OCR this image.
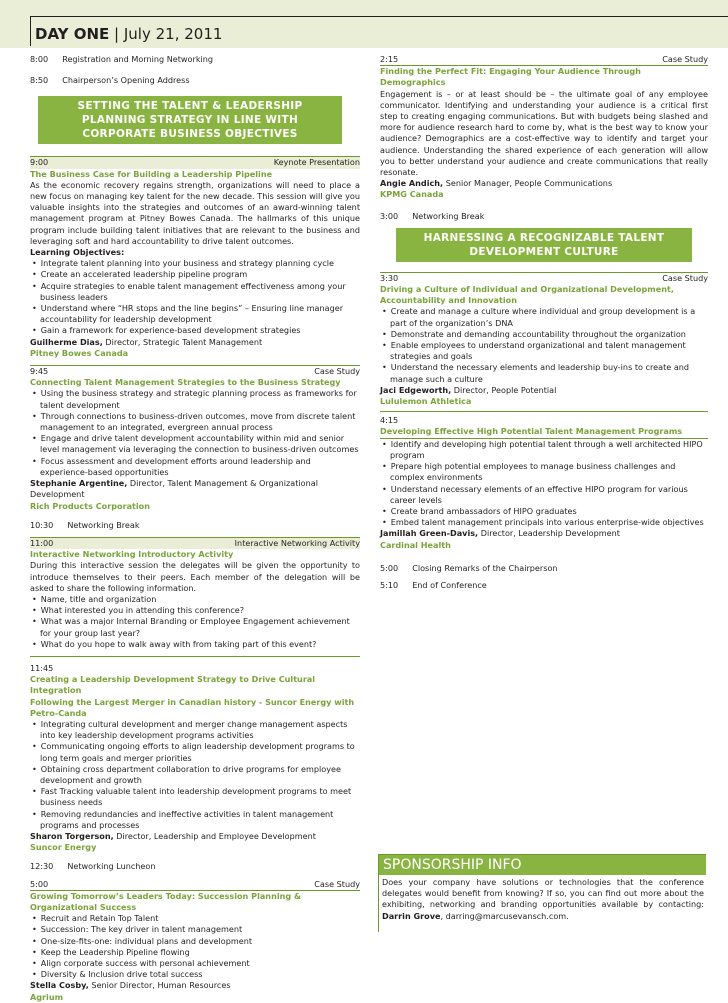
DAY ONE | July 21, 2011
8:00 Registration and Morning Networking
8:50 Chairperson’s Opening Address
SETTING THE TALENT & LEADERSHIP PLANNING STRATEGY IN LINE WITH CORPORATE BUSINESS OBJECTIVES
9:00	Keynote Presentation
The Business Case for Building a Leadership Pipeline
As the economic recovery regains strength, organizations will need to place a new focus on managing key talent for the new decade. This session will give you valuable insights into the strategies and outcomes of an award-winning talent management program at Pitney Bowes Canada. The hallmarks of this unique program include building talent initiatives that are relevant to the business and leveraging soft and hard accountability to drive talent outcomes.
Learning Objectives:
• Integrate talent planning into your business and strategy planning cycle
• Create an accelerated leadership pipeline program
• Acquire strategies to enable talent management effectiveness among your business leaders
• Understand where “HR stops and the line begins” – Ensuring line manager accountability for leadership development
• Gain a framework for experience-based development strategies
Guilherme Dias, Director, Strategic Talent Management
Pitney Bowes Canada
9:45	Case Study
Connecting Talent Management Strategies to the Business Strategy
• Using the business strategy and strategic planning process as frameworks for talent development
• Through connections to business-driven outcomes, move from discrete talent management to an integrated, evergreen annual process
• Engage and drive talent development accountability within mid and senior level management via leveraging the connection to business-driven outcomes
• Focus assessment and development efforts around leadership and experience-based opportunities
Stephanie Argentine, Director, Talent Management & Organizational Development
Rich Products Corporation
10:30 Networking Break
11:00	Interactive Networking Activity
Interactive Networking Introductory Activity
During this interactive session the delegates will be given the opportunity to introduce themselves to their peers. Each member of the delegation will be asked to share the following information.
• Name, title and organization
• What interested you in attending this conference?
• What was a major Internal Branding or Employee Engagement achievement for your group last year?
• What do you hope to walk away with from taking part of this event?
11:45
Creating a Leadership Development Strategy to Drive Cultural Integration
Following the Largest Merger in Canadian history - Suncor Energy with Petro-Canda
• Integrating cultural development and merger change management aspects into key leadership development programs activities
• Communicating ongoing efforts to align leadership development programs to long term goals and merger priorities
• Obtaining cross department collaboration to drive programs for employee development and growth
• Fast Tracking valuable talent into leadership development programs to meet business needs
• Removing redundancies and ineffective activities in talent management programs and processes
Sharon Torgerson, Director, Leadership and Employee Development
Suncor Energy
12:30 Networking Luncheon
5:00	Case Study
Growing Tomorrow’s Leaders Today: Succession Planning & Organizational Success
• Recruit and Retain Top Talent
• Succession: The key driver in talent management
• One-size-fits-one: individual plans and development
• Keep the Leadership Pipeline flowing
• Align corporate success with personal achievement
• Diversity & Inclusion drive total success
Stella Cosby, Senior Director, Human Resources
Agrium
2:15	Case Study
Finding the Perfect Fit: Engaging Your Audience Through Demographics
Engagement is – or at least should be – the ultimate goal of any employee communicator. Identifying and understanding your audience is a critical first step to creating engaging communications. But with budgets being slashed and more for audience research hard to come by, what is the best way to know your audience? Demographics are a cost-effective way to identify and target your audience. Understanding the shared experience of each generation will allow you to better understand your audience and create communications that really resonate.
Angie Andich, Senior Manager, People Communications
KPMG Canada
3:00 Networking Break
HARNESSING A RECOGNIZABLE TALENT DEVELOPMENT CULTURE
3:30	Case Study
Driving a Culture of Individual and Organizational Development, Accountability and Innovation
• Create and manage a culture where individual and group development is a part of the organization’s DNA
• Demonstrate and demanding accountability throughout the organization
• Enable employees to understand organizational and talent management strategies and goals
• Understand the necessary elements and leadership buy-ins to create and manage such a culture
Jaci Edgeworth, Director, People Potential
Lululemon Athletica
4:15
Developing Effective High Potential Talent Management Programs
• Identify and developing high potential talent through a well architected HIPO program
• Prepare high potential employees to manage business challenges and complex environments
• Understand necessary elements of an effective HIPO program for various career levels
• Create brand ambassadors of HIPO graduates
• Embed talent management principals into various enterprise-wide objectives
Jamillah Green-Davis, Director, Leadership Development
Cardinal Health
5:00 Closing Remarks of the Chairperson
5:10 End of Conference
SPONSORSHIP INFO
Does your company have solutions or technologies that the conference delegates would benefit from knowing? If so, you can find out more about the exhibiting, networking and branding opportunities available by contacting: Darrin Grove, darring@marcusevansch.com.
